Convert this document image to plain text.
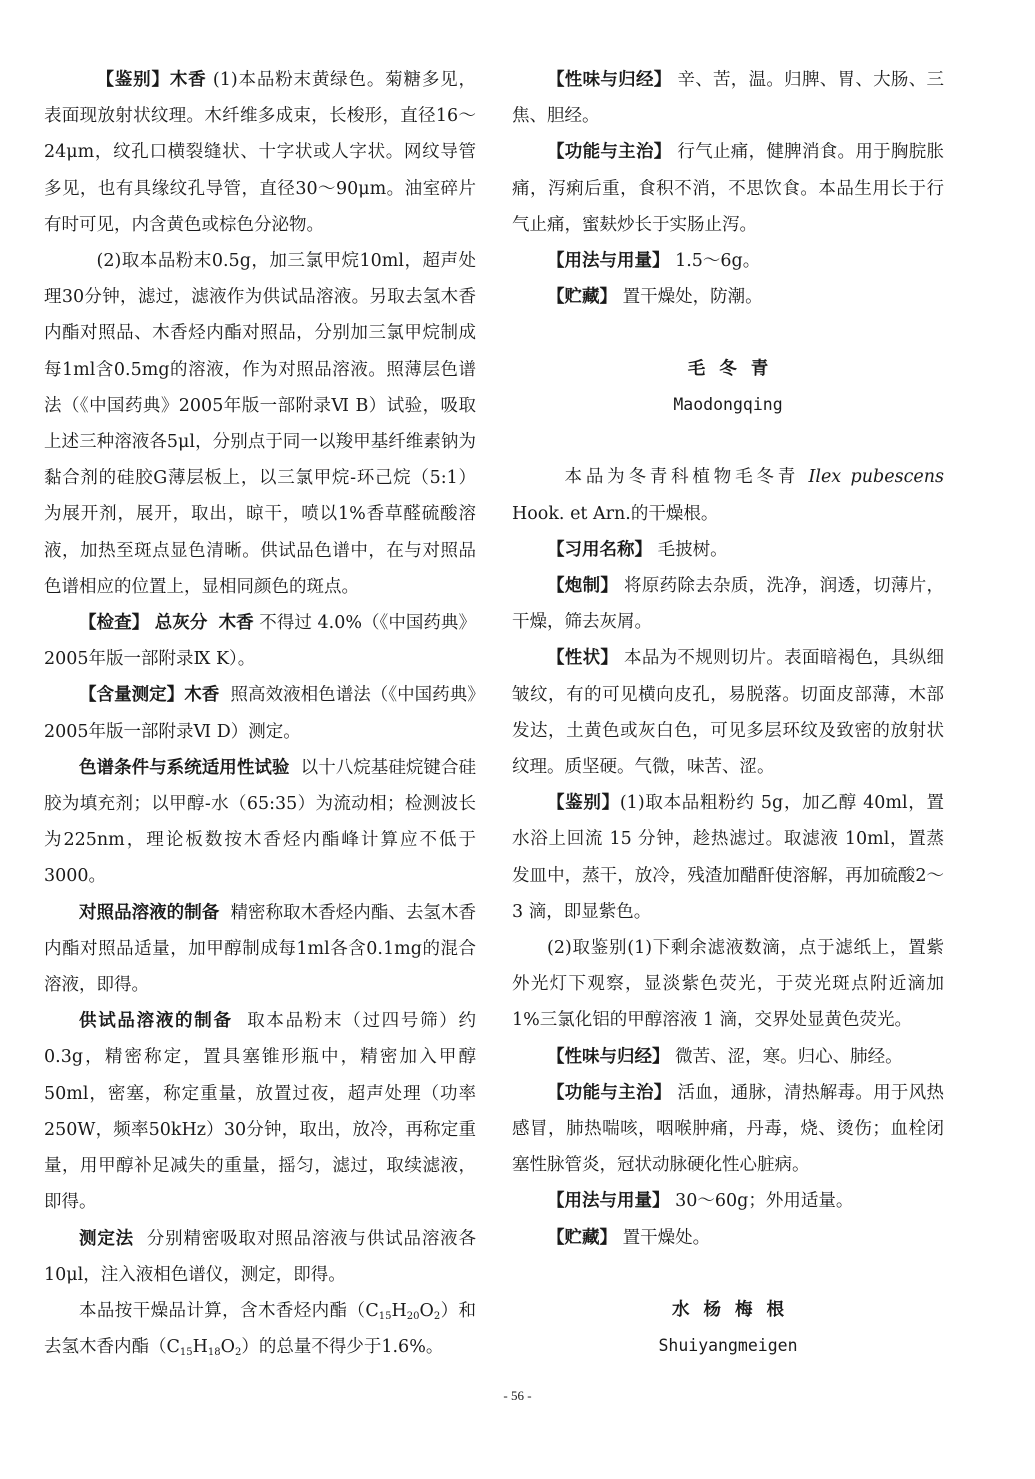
【鉴别】木香 (1)本品粉末黄绿色。菊糖多见，表面现放射状纹理。木纤维多成束，长梭形，直径16～24μm，纹孔口横裂缝状、十字状或人字状。网纹导管多见，也有具缘纹孔导管，直径30～90μm。油室碎片有时可见，内含黄色或棕色分泌物。

(2)取本品粉末0.5g，加三氯甲烷10ml，超声处理30分钟，滤过，滤液作为供试品溶液。另取去氢木香内酯对照品、木香烃内酯对照品，分别加三氯甲烷制成每1ml含0.5mg的溶液，作为对照品溶液。照薄层色谱法（《中国药典》2005年版一部附录Ⅵ B）试验，吸取上述三种溶液各5μl，分别点于同一以羧甲基纤维素钠为黏合剂的硅胶G薄层板上，以三氯甲烷-环己烷（5:1）为展开剂，展开，取出，晾干，喷以1%香草醛硫酸溶液，加热至斑点显色清晰。供试品色谱中，在与对照品色谱相应的位置上，显相同颜色的斑点。

【检查】 总灰分 木香 不得过 4.0%（《中国药典》2005年版一部附录Ⅸ K）。

【含量测定】木香 照高效液相色谱法（《中国药典》2005年版一部附录Ⅵ D）测定。

色谱条件与系统适用性试验 以十八烷基硅烷键合硅胶为填充剂；以甲醇-水（65:35）为流动相；检测波长为225nm，理论板数按木香烃内酯峰计算应不低于3000。

对照品溶液的制备 精密称取木香烃内酯、去氢木香内酯对照品适量，加甲醇制成每1ml各含0.1mg的混合溶液，即得。

供试品溶液的制备 取本品粉末（过四号筛）约0.3g，精密称定，置具塞锥形瓶中，精密加入甲醇50ml，密塞，称定重量，放置过夜，超声处理（功率250W，频率50kHz）30分钟，取出，放冷，再称定重量，用甲醇补足减失的重量，摇匀，滤过，取续滤液，即得。

测定法 分别精密吸取对照品溶液与供试品溶液各10μl，注入液相色谱仪，测定，即得。

本品按干燥品计算，含木香烃内酯$(C_{15}H_{20}O_2)$和去氢木香内酯$(C_{15}H_{18}O_2)$的总量不得少于1.6%。

【性味与归经】 辛、苦，温。归脾、胃、大肠、三焦、胆经。

【功能与主治】 行气止痛，健脾消食。用于胸脘胀痛，泻痢后重，食积不消，不思饮食。本品生用长于行气止痛，蜜麸炒长于实肠止泻。

【用法与用量】 1.5～6g。

【贮藏】 置干燥处，防潮。

毛冬青

Maodongqing

本品为冬青科植物毛冬青 Ilex pubescens Hook. et Arn.的干燥根。

【习用名称】 毛披树。

【炮制】 将原药除去杂质，洗净，润透，切薄片，干燥，筛去灰屑。

【性状】 本品为不规则切片。表面暗褐色，具纵细皱纹，有的可见横向皮孔，易脱落。切面皮部薄，木部发达，土黄色或灰白色，可见多层环纹及致密的放射状纹理。质坚硬。气微，味苦、涩。

【鉴别】(1)取本品粗粉约 5g，加乙醇 40ml，置水浴上回流 15 分钟，趁热滤过。取滤液 10ml，置蒸发皿中，蒸干，放冷，残渣加醋酐使溶解，再加硫酸2～3 滴，即显紫色。

(2)取鉴别(1)下剩余滤液数滴，点于滤纸上，置紫外光灯下观察，显淡紫色荧光，于荧光斑点附近滴加 1%三氯化铝的甲醇溶液 1 滴，交界处显黄色荧光。

【性味与归经】 微苦、涩，寒。归心、肺经。

【功能与主治】 活血，通脉，清热解毒。用于风热感冒，肺热喘咳，咽喉肿痛，丹毒，烧、烫伤；血栓闭塞性脉管炎，冠状动脉硬化性心脏病。

【用法与用量】 30～60g；外用适量。

【贮藏】 置干燥处。

水杨梅根

Shuiyangmeigen

- 56 -
